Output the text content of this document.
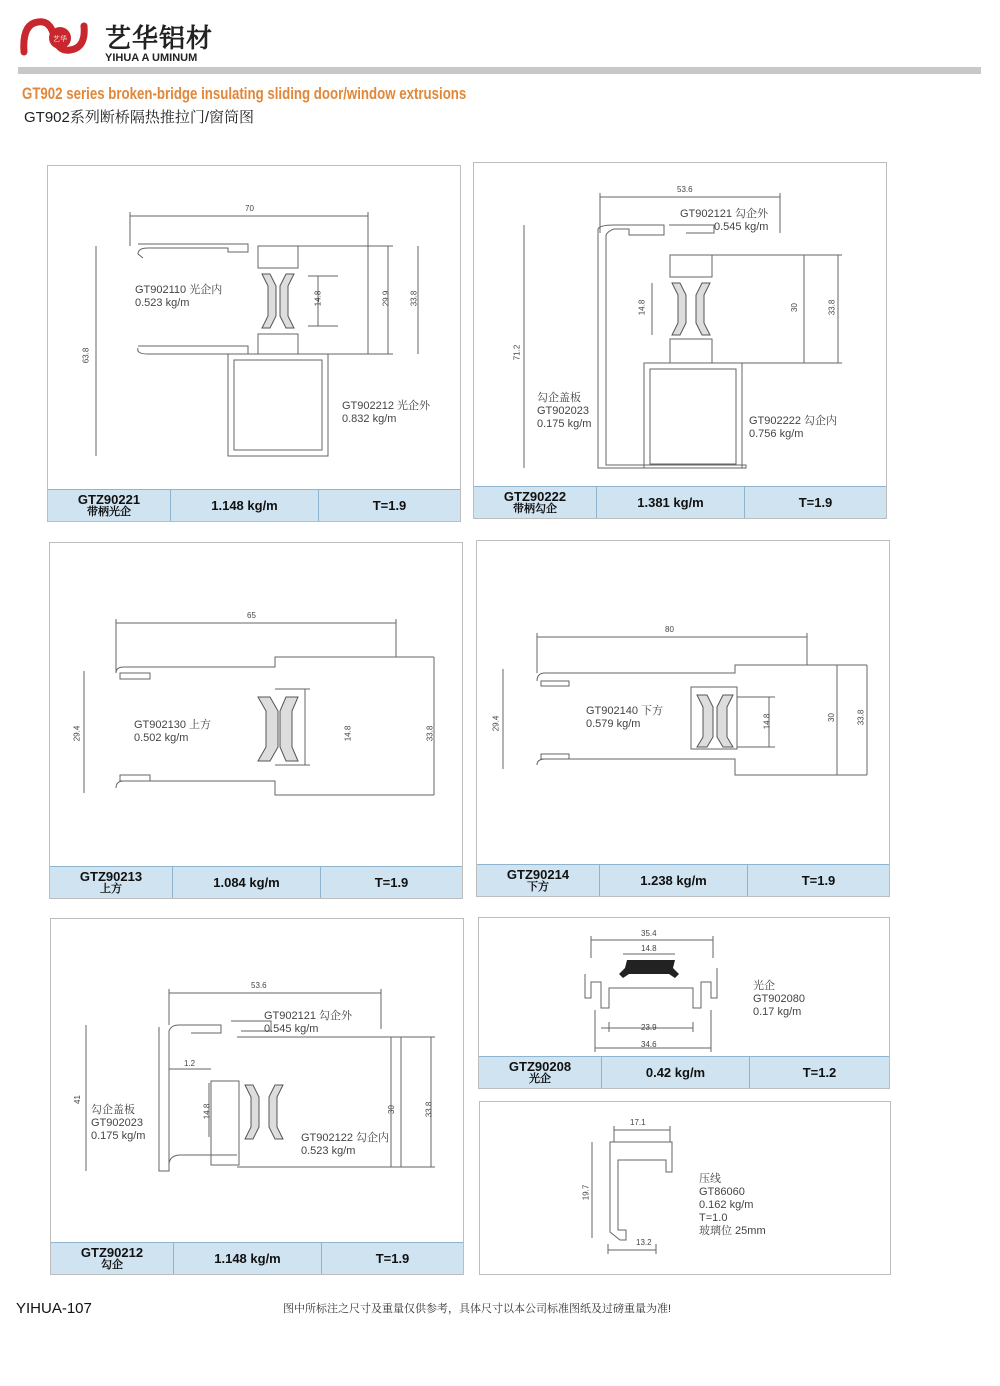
艺华 艺华铝材
YIHUA A UMINUM
GT902 series broken-bridge insulating sliding door/window extrusions
GT902系列断桥隔热推拉门/窗筒图
70
63.8
14.8	29.9 33.8
GT902110 光企内
0.523 kg/m
GT902212 光企外
0.832 kg/m
GTZ90221
带柄光企	1.148 kg/m	T=1.9
53.6
71.2
14.8	30	33.8
GT902121 勾企外
0.545 kg/m
勾企盖板
GT902023
0.175 kg/m	GT902222 勾企内
0.756 kg/m
GTZ90222
带柄勾企	1.381 kg/m	T=1.9
65
29.4	14.8	33.8
GT902130 上方
0.502 kg/m
GTZ90213
上方	1.084 kg/m	T=1.9
80
29.4	14.8	30	33.8
GT902140 下方
0.579 kg/m
GTZ90214
下方	1.238 kg/m	T=1.9
53.6
41
1.2
14.8	30	33.8
GT902121 勾企外
0.545 kg/m
勾企盖板
GT902023
0.175 kg/m	GT902122 勾企内
0.523 kg/m
GTZ90212
勾企	1.148 kg/m	T=1.9
35.4
14.8
23.9
34.6
光企
GT902080
0.17 kg/m
GTZ90208
光企	0.42 kg/m	T=1.2
17.1
19.7
13.2
压线
GT86060
0.162 kg/m
T=1.0
玻璃位 25mm
YIHUA-107	图中所标注之尺寸及重量仅供参考，具体尺寸以本公司标准图纸及过磅重量为准!
